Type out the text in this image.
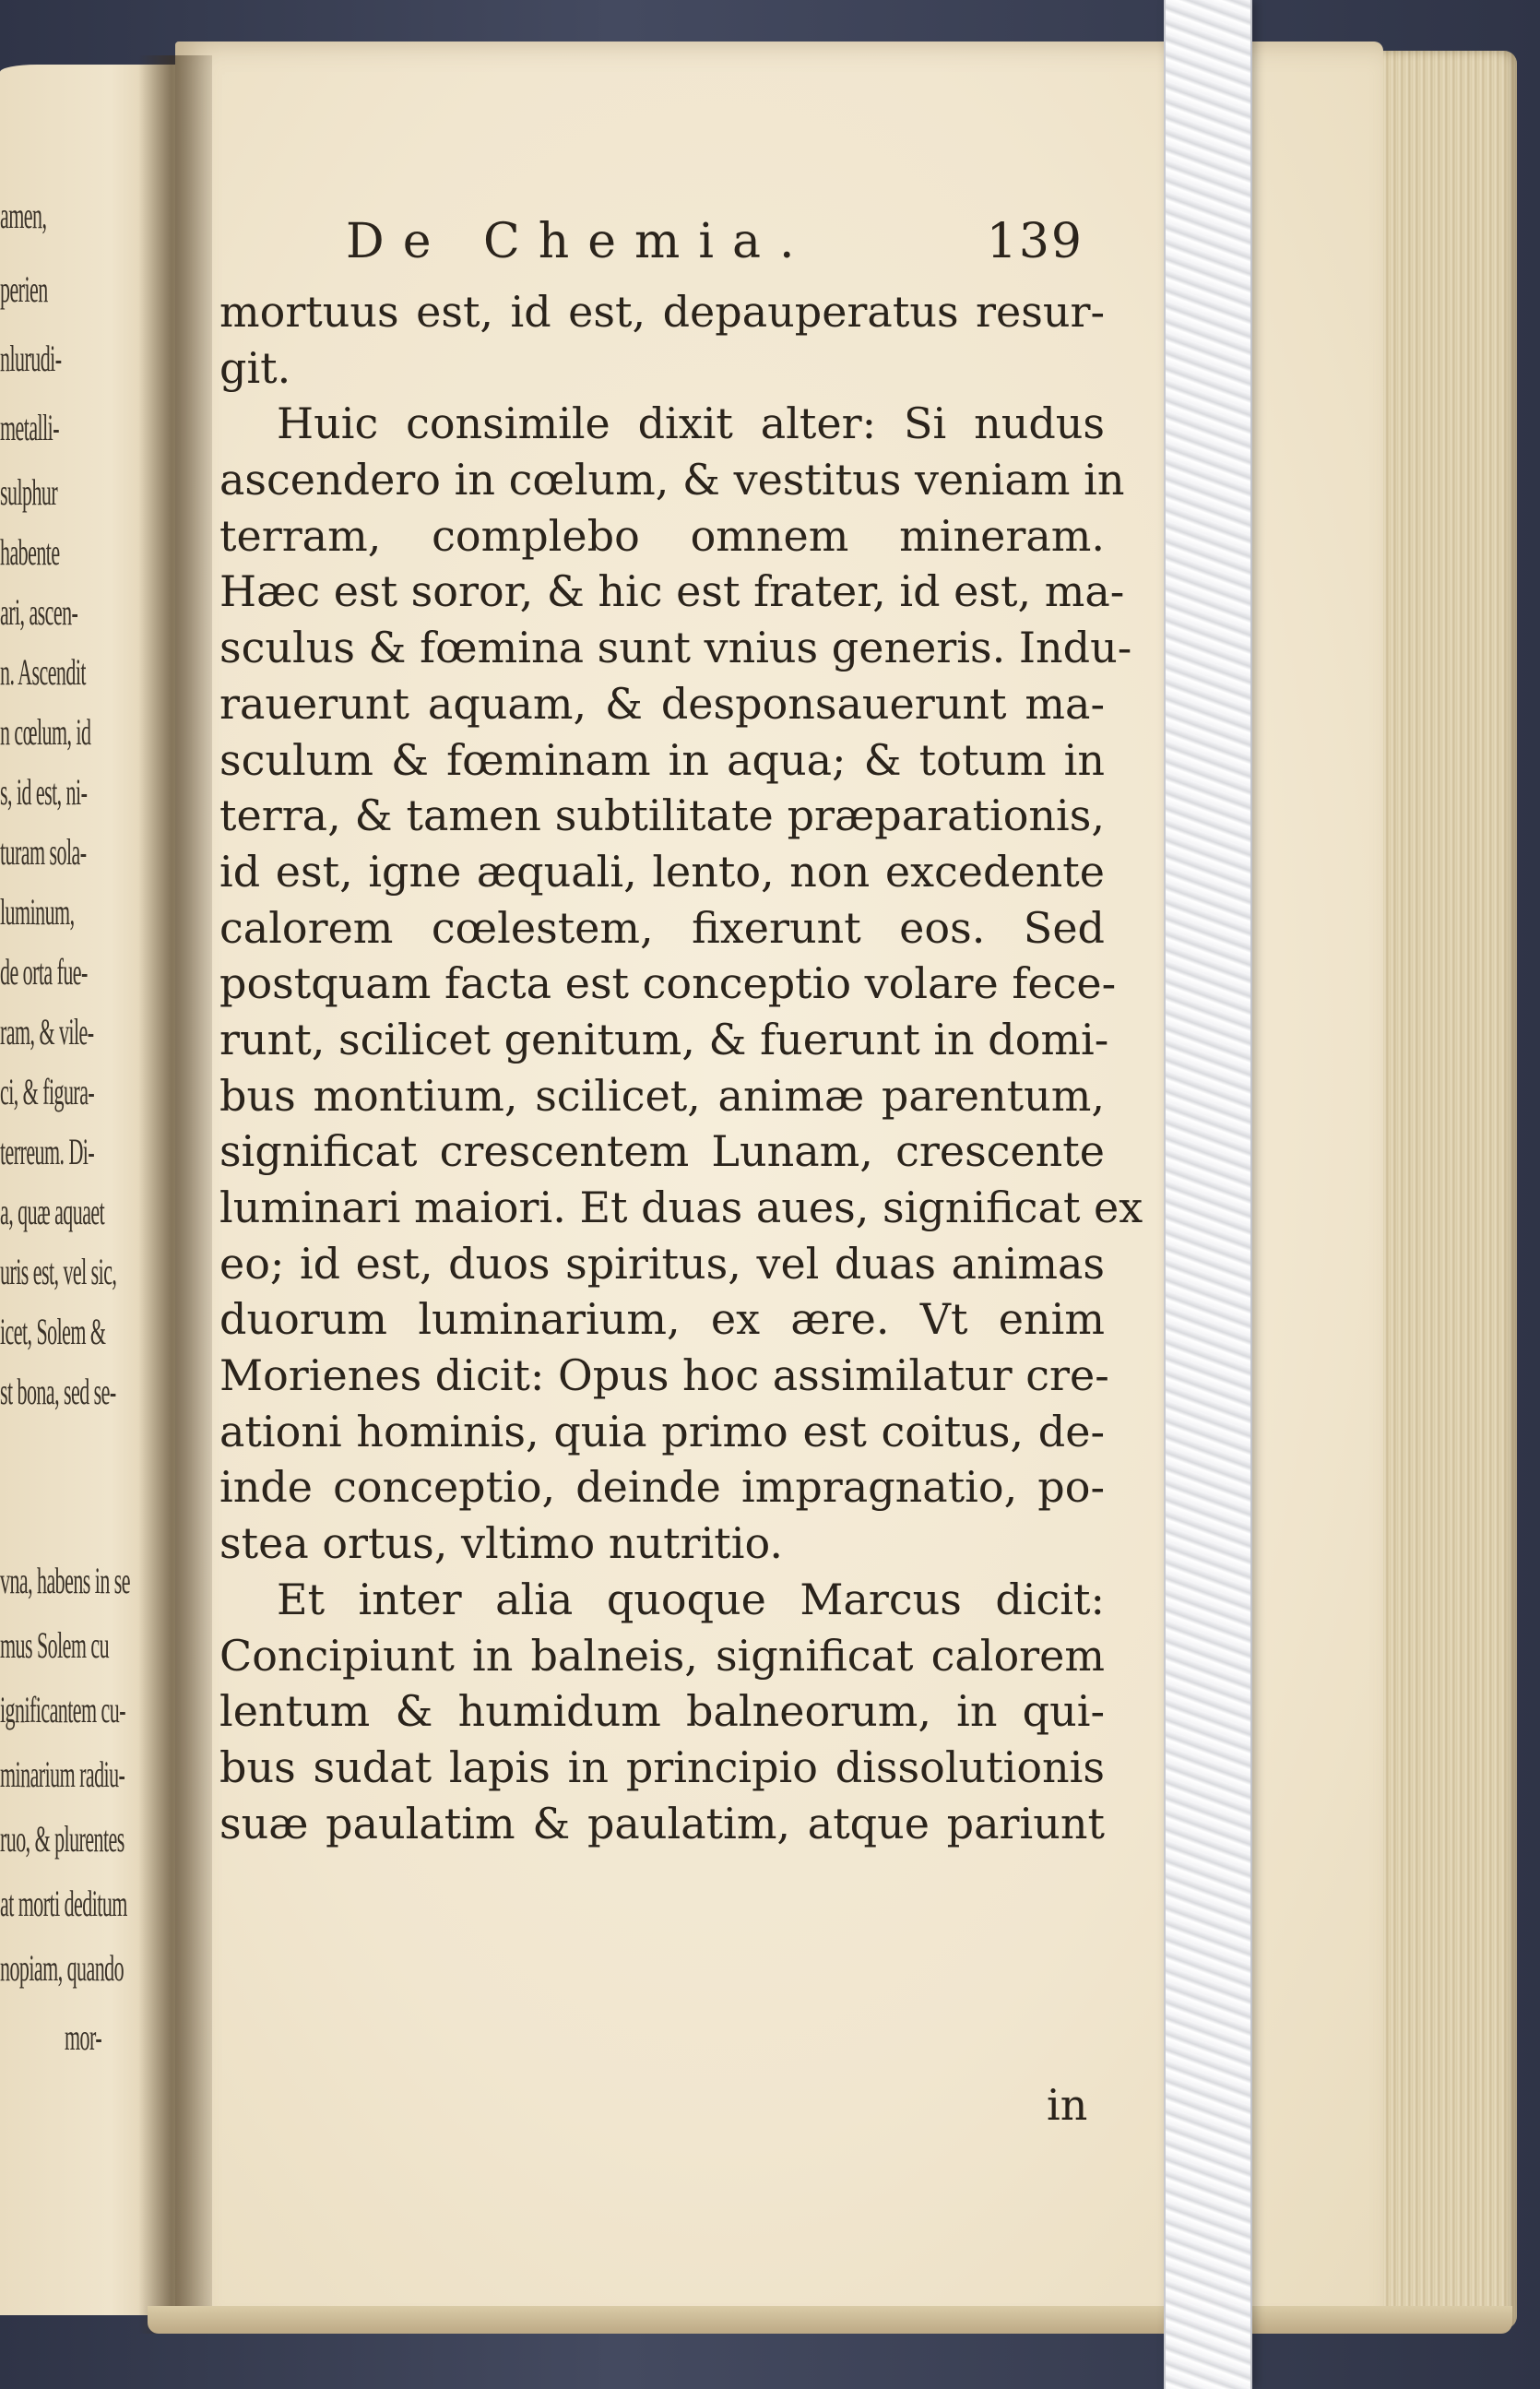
amen,
perien
nlurudi-
metalli-
sulphur
habente
ari, ascen-
n. Ascendit
n cœlum, id
s, id est, ni-
turam sola-
luminum,
de orta fue-
ram, & vile-
ci, & figura-
terreum. Di-
a, quæ aquaet
uris est, vel sic,
icet, Solem &
st bona, sed se-
vna, habens in se
mus Solem cu
ignificantem cu-
minarium radiu-
ruo, & plurentes
at morti deditum
nopiam, quando
mor-
De Chemia.	139
mortuus est, id est, depauperatus resur-
git.
Huic consimile dixit alter: Si nudus
ascendero in cœlum, & vestitus veniam in
terram, complebo omnem mineram.
Hæc est soror, & hic est frater, id est, ma-
sculus & fœmina sunt vnius generis. Indu-
rauerunt aquam, & desponsauerunt ma-
sculum & fœminam in aqua; & totum in
terra, & tamen subtilitate præparationis,
id est, igne æquali, lento, non excedente
calorem cœlestem, fixerunt eos. Sed
postquam facta est conceptio volare fece-
runt, scilicet genitum, & fuerunt in domi-
bus montium, scilicet, animæ parentum,
significat crescentem Lunam, crescente
luminari maiori. Et duas aues, significat ex
eo; id est, duos spiritus, vel duas animas
duorum luminarium, ex ære. Vt enim
Morienes dicit: Opus hoc assimilatur cre-
ationi hominis, quia primo est coitus, de-
inde conceptio, deinde impragnatio, po-
stea ortus, vltimo nutritio.
Et inter alia quoque Marcus dicit:
Concipiunt in balneis, significat calorem
lentum & humidum balneorum, in qui-
bus sudat lapis in principio dissolutionis
suæ paulatim & paulatim, atque pariunt
in
